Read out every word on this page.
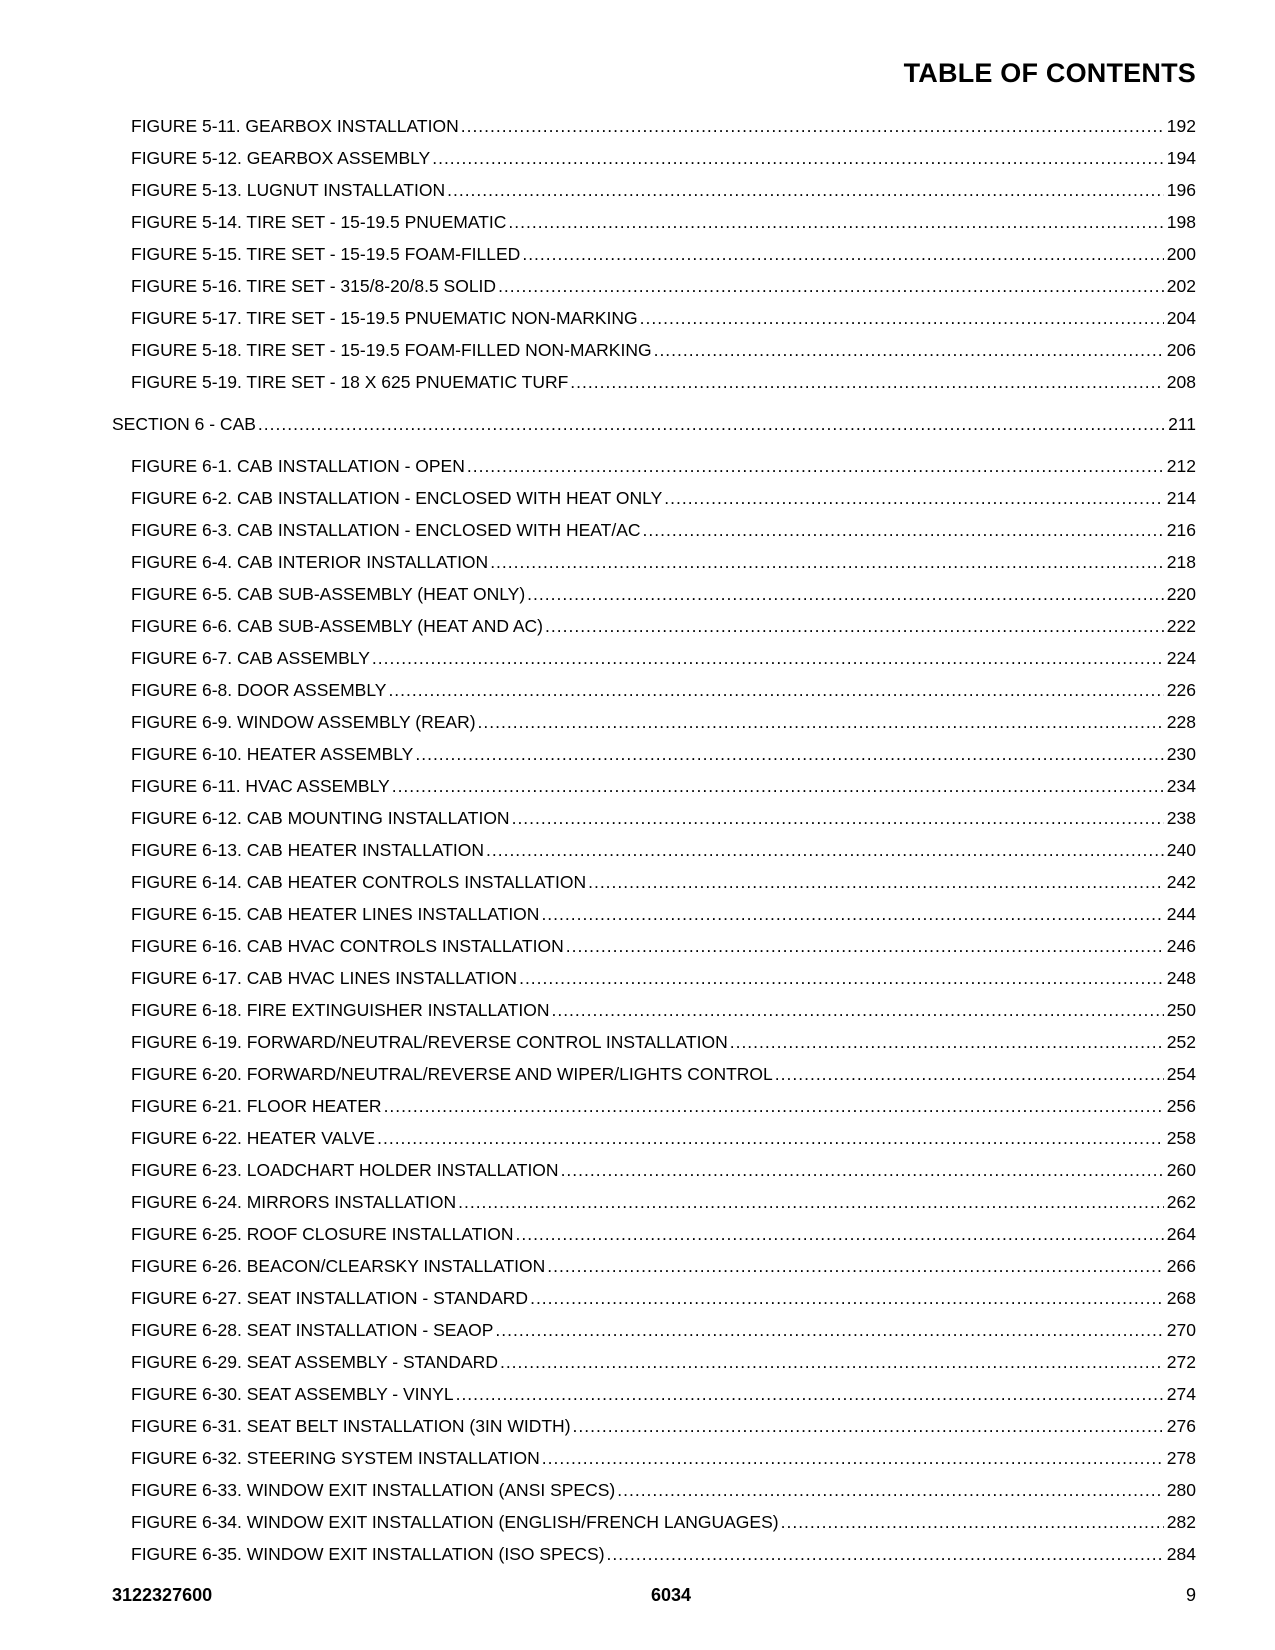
TABLE OF CONTENTS
FIGURE 5-11. GEARBOX INSTALLATION .....	192
FIGURE 5-12. GEARBOX ASSEMBLY .....	194
FIGURE 5-13. LUGNUT INSTALLATION .....	196
FIGURE 5-14. TIRE SET - 15-19.5 PNUEMATIC .....	198
FIGURE 5-15. TIRE SET - 15-19.5 FOAM-FILLED .....	200
FIGURE 5-16. TIRE SET - 315/8-20/8.5 SOLID .....	202
FIGURE 5-17. TIRE SET - 15-19.5 PNUEMATIC NON-MARKING .....	204
FIGURE 5-18. TIRE SET - 15-19.5 FOAM-FILLED NON-MARKING .....	206
FIGURE 5-19. TIRE SET - 18 X 625 PNUEMATIC TURF .....	208
SECTION 6 - CAB .....	211
FIGURE 6-1. CAB INSTALLATION - OPEN .....	212
FIGURE 6-2. CAB INSTALLATION - ENCLOSED WITH HEAT ONLY .....	214
FIGURE 6-3. CAB INSTALLATION - ENCLOSED WITH HEAT/AC .....	216
FIGURE 6-4. CAB INTERIOR INSTALLATION .....	218
FIGURE 6-5. CAB SUB-ASSEMBLY (HEAT ONLY) .....	220
FIGURE 6-6. CAB SUB-ASSEMBLY (HEAT AND AC) .....	222
FIGURE 6-7. CAB ASSEMBLY .....	224
FIGURE 6-8. DOOR ASSEMBLY .....	226
FIGURE 6-9. WINDOW ASSEMBLY (REAR) .....	228
FIGURE 6-10. HEATER ASSEMBLY .....	230
FIGURE 6-11. HVAC ASSEMBLY .....	234
FIGURE 6-12. CAB MOUNTING INSTALLATION .....	238
FIGURE 6-13. CAB HEATER INSTALLATION .....	240
FIGURE 6-14. CAB HEATER CONTROLS INSTALLATION .....	242
FIGURE 6-15. CAB HEATER LINES INSTALLATION .....	244
FIGURE 6-16. CAB HVAC CONTROLS INSTALLATION .....	246
FIGURE 6-17. CAB HVAC LINES INSTALLATION .....	248
FIGURE 6-18. FIRE EXTINGUISHER INSTALLATION .....	250
FIGURE 6-19. FORWARD/NEUTRAL/REVERSE CONTROL INSTALLATION .....	252
FIGURE 6-20. FORWARD/NEUTRAL/REVERSE AND WIPER/LIGHTS CONTROL .....	254
FIGURE 6-21. FLOOR HEATER .....	256
FIGURE 6-22. HEATER VALVE .....	258
FIGURE 6-23. LOADCHART HOLDER INSTALLATION .....	260
FIGURE 6-24. MIRRORS INSTALLATION .....	262
FIGURE 6-25. ROOF CLOSURE INSTALLATION .....	264
FIGURE 6-26. BEACON/CLEARSKY INSTALLATION .....	266
FIGURE 6-27. SEAT INSTALLATION - STANDARD .....	268
FIGURE 6-28. SEAT INSTALLATION - SEAOP .....	270
FIGURE 6-29. SEAT ASSEMBLY - STANDARD .....	272
FIGURE 6-30. SEAT ASSEMBLY - VINYL .....	274
FIGURE 6-31. SEAT BELT INSTALLATION (3IN WIDTH) .....	276
FIGURE 6-32. STEERING SYSTEM INSTALLATION .....	278
FIGURE 6-33. WINDOW EXIT INSTALLATION (ANSI SPECS) .....	280
FIGURE 6-34. WINDOW EXIT INSTALLATION (ENGLISH/FRENCH LANGUAGES) .....	282
FIGURE 6-35. WINDOW EXIT INSTALLATION (ISO SPECS) .....	284
3122327600	6034	9
